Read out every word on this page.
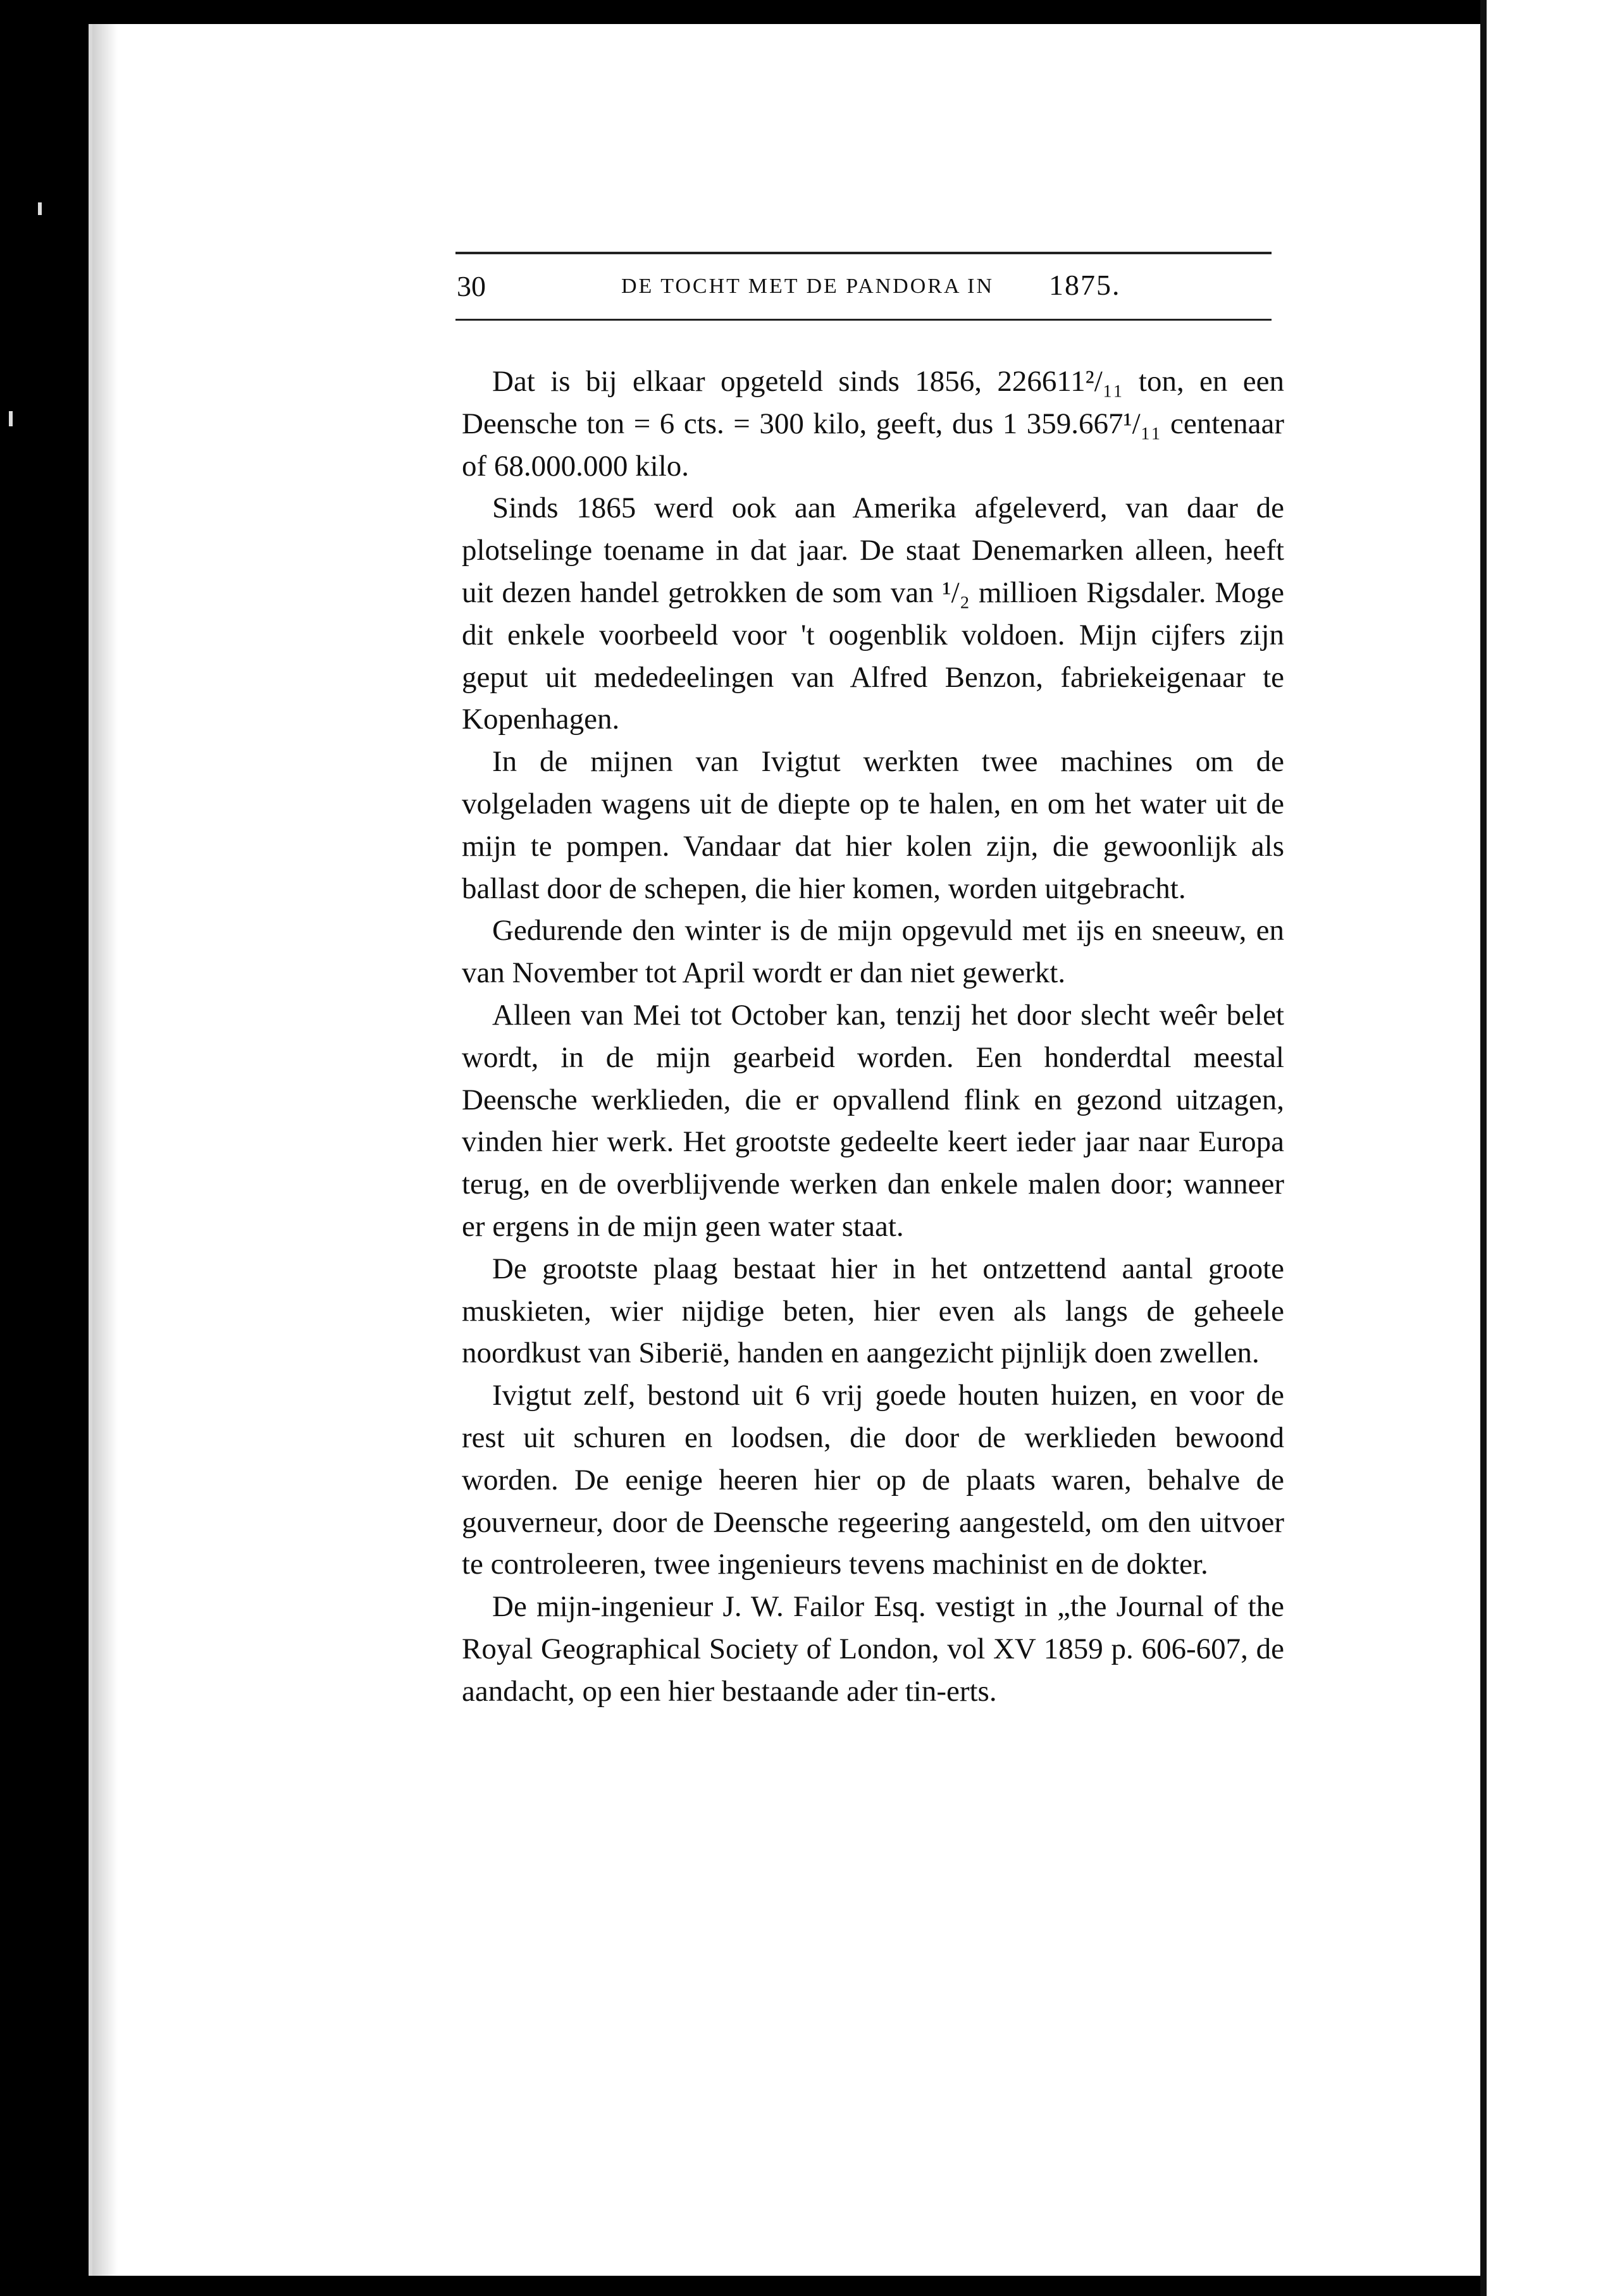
30	DE TOCHT MET DE PANDORA IN 1875.

Dat is bij elkaar opgeteld sinds 1856, 226611²/₁₁ ton, en een Deensche ton = 6 cts. = 300 kilo, geeft, dus 1 359.667¹/₁₁ centenaar of 68.000.000 kilo.

Sinds 1865 werd ook aan Amerika afgeleverd, van daar de plotselinge toename in dat jaar. De staat Denemarken alleen, heeft uit dezen handel getrokken de som van ¹/₂ millioen Rigsdaler. Moge dit enkele voorbeeld voor 't oogenblik voldoen. Mijn cijfers zijn geput uit mededeelingen van Alfred Benzon, fabriekeigenaar te Kopenhagen.

In de mijnen van Ivigtut werkten twee machines om de volgeladen wagens uit de diepte op te halen, en om het water uit de mijn te pompen. Vandaar dat hier kolen zijn, die gewoonlijk als ballast door de schepen, die hier komen, worden uitgebracht.

Gedurende den winter is de mijn opgevuld met ijs en sneeuw, en van November tot April wordt er dan niet gewerkt.

Alleen van Mei tot October kan, tenzij het door slecht weêr belet wordt, in de mijn gearbeid worden. Een honderdtal meestal Deensche werklieden, die er opvallend flink en gezond uitzagen, vinden hier werk. Het grootste gedeelte keert ieder jaar naar Europa terug, en de overblijvende werken dan enkele malen door; wanneer er ergens in de mijn geen water staat.

De grootste plaag bestaat hier in het ontzettend aantal groote muskieten, wier nijdige beten, hier even als langs de geheele noordkust van Siberië, handen en aangezicht pijnlijk doen zwellen.

Ivigtut zelf, bestond uit 6 vrij goede houten huizen, en voor de rest uit schuren en loodsen, die door de werklieden bewoond worden. De eenige heeren hier op de plaats waren, behalve de gouverneur, door de Deensche regeering aangesteld, om den uitvoer te controleeren, twee ingenieurs tevens machinist en de dokter.

De mijn-ingenieur J. W. Failor Esq. vestigt in „the Journal of the Royal Geographical Society of London, vol XV 1859 p. 606-607, de aandacht, op een hier bestaande ader tin-erts.
